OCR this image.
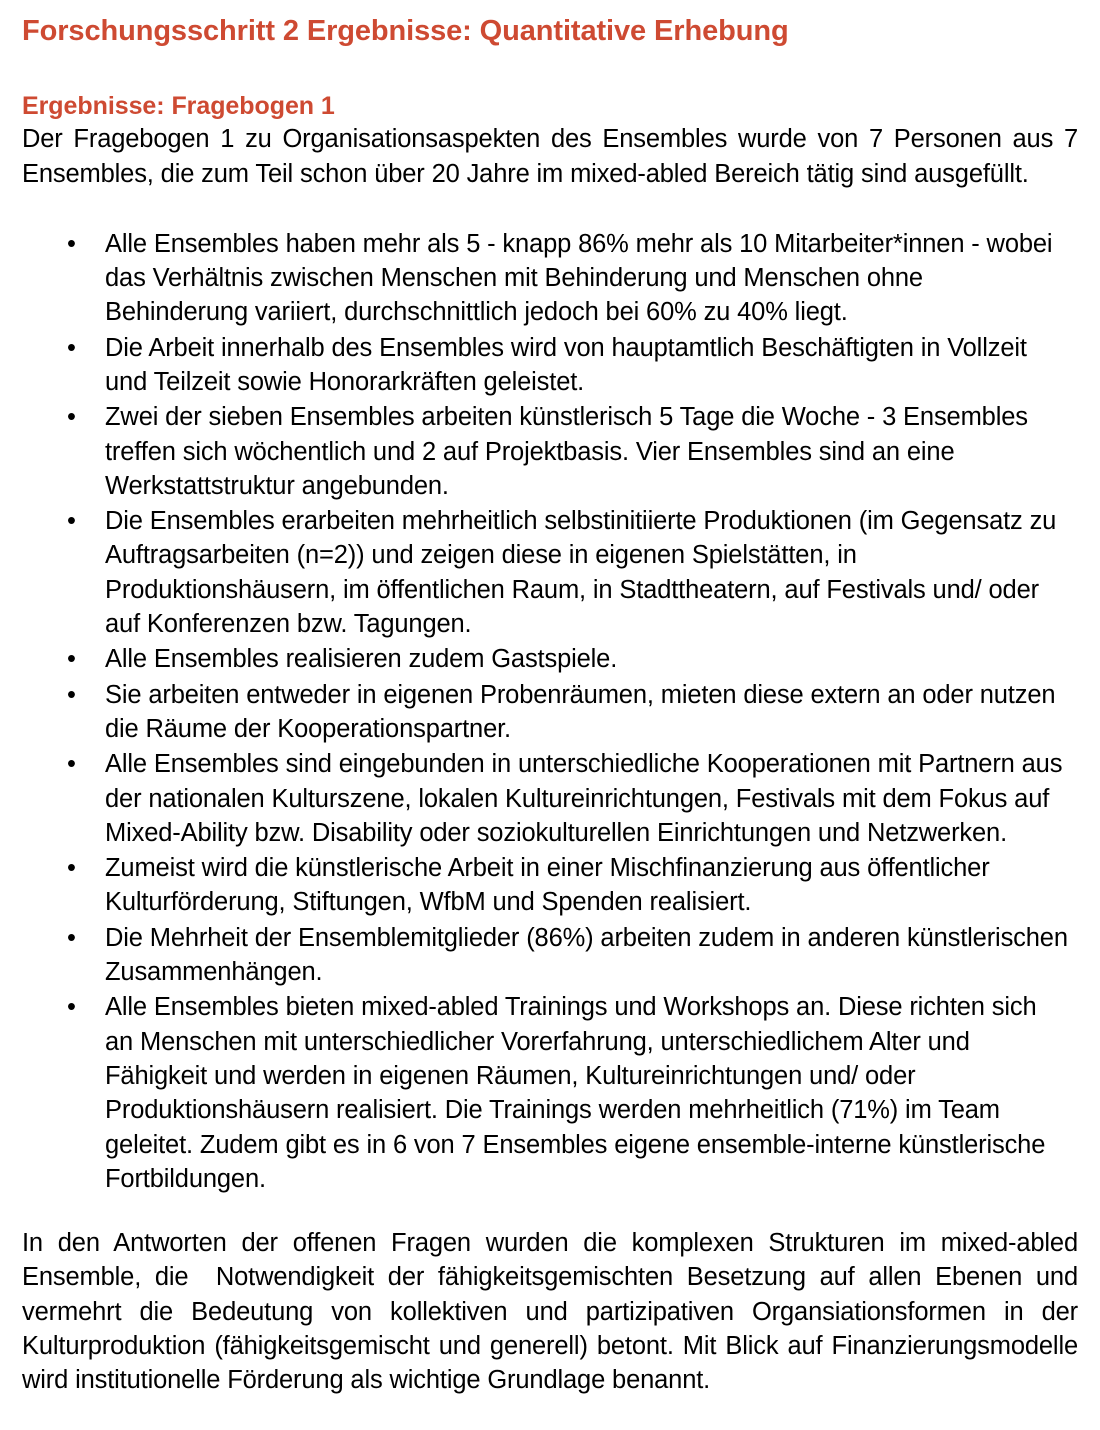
Forschungsschritt 2 Ergebnisse: Quantitative Erhebung
Ergebnisse: Fragebogen 1

Der Fragebogen 1 zu Organisationsaspekten des Ensembles wurde von 7 Personen aus 7 Ensembles, die zum Teil schon über 20 Jahre im mixed-abled Bereich tätig sind ausgefüllt.

•	Alle Ensembles haben mehr als 5 - knapp 86% mehr als 10 Mitarbeiter*innen - wobei das Verhältnis zwischen Menschen mit Behinderung und Menschen ohne Behinderung variiert, durchschnittlich jedoch bei 60% zu 40% liegt.
•	Die Arbeit innerhalb des Ensembles wird von hauptamtlich Beschäftigten in Vollzeit und Teilzeit sowie Honorarkräften geleistet.
•	Zwei der sieben Ensembles arbeiten künstlerisch 5 Tage die Woche - 3 Ensembles treffen sich wöchentlich und 2 auf Projektbasis. Vier Ensembles sind an eine Werkstattstruktur angebunden.
•	Die Ensembles erarbeiten mehrheitlich selbstinitiierte Produktionen (im Gegensatz zu Auftragsarbeiten (n=2)) und zeigen diese in eigenen Spielstätten, in Produktionshäusern, im öffentlichen Raum, in Stadttheatern, auf Festivals und/ oder auf Konferenzen bzw. Tagungen.
•	Alle Ensembles realisieren zudem Gastspiele.
•	Sie arbeiten entweder in eigenen Probenräumen, mieten diese extern an oder nutzen die Räume der Kooperationspartner.
•	Alle Ensembles sind eingebunden in unterschiedliche Kooperationen mit Partnern aus der nationalen Kulturszene, lokalen Kultureinrichtungen, Festivals mit dem Fokus auf Mixed-Ability bzw. Disability oder soziokulturellen Einrichtungen und Netzwerken.
•	Zumeist wird die künstlerische Arbeit in einer Mischfinanzierung aus öffentlicher Kulturförderung, Stiftungen, WfbM und Spenden realisiert.
•	Die Mehrheit der Ensemblemitglieder (86%) arbeiten zudem in anderen künstlerischen Zusammenhängen.
•	Alle Ensembles bieten mixed-abled Trainings und Workshops an. Diese richten sich an Menschen mit unterschiedlicher Vorerfahrung, unterschiedlichem Alter und Fähigkeit und werden in eigenen Räumen, Kultureinrichtungen und/ oder Produktionshäusern realisiert. Die Trainings werden mehrheitlich (71%) im Team geleitet. Zudem gibt es in 6 von 7 Ensembles eigene ensemble-interne künstlerische Fortbildungen.

In den Antworten der offenen Fragen wurden die komplexen Strukturen im mixed-abled Ensemble, die  Notwendigkeit der fähigkeitsgemischten Besetzung auf allen Ebenen und vermehrt die Bedeutung von kollektiven und partizipativen Organsiationsformen in der Kulturproduktion (fähigkeitsgemischt und generell) betont. Mit Blick auf Finanzierungsmodelle wird institutionelle Förderung als wichtige Grundlage benannt.
